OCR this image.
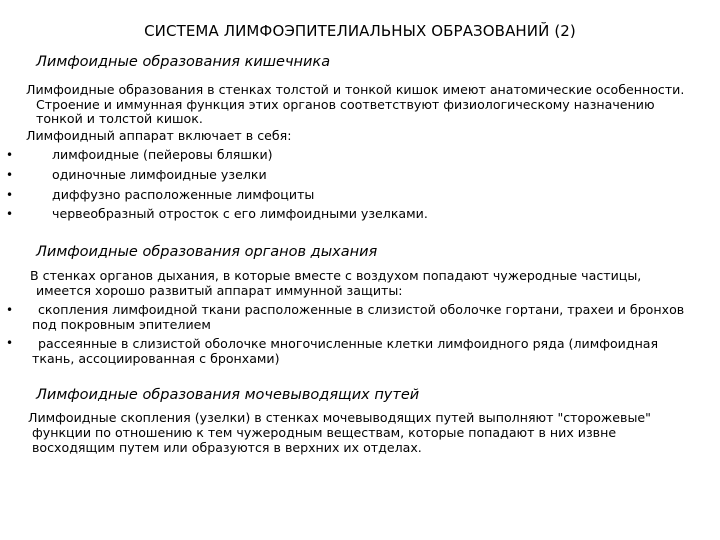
СИСТЕМА ЛИМФОЭПИТЕЛИАЛЬНЫХ ОБРАЗОВАНИЙ (2)
Лимфоидные образования кишечника
Лимфоидные образования в стенках толстой и тонкой кишок имеют анатомические особенности.
Строение и иммунная функция этих органов соответствуют физиологическому назначению
тонкой и толстой кишок.
Лимфоидный аппарат включает в себя:
•	лимфоидные (пейеровы бляшки)
•	одиночные лимфоидные узелки
•	диффузно расположенные лимфоциты
•	червеобразный отросток с его лимфоидными узелками.
Лимфоидные образования органов дыхания
В стенках органов дыхания, в которые вместе с воздухом попадают чужеродные частицы,
имеется хорошо развитый аппарат иммунной защиты:
• скопления лимфоидной ткани расположенные в слизистой оболочке гортани, трахеи и бронхов
под покровным эпителием
• рассеянные в слизистой оболочке многочисленные клетки лимфоидного ряда (лимфоидная
ткань, ассоциированная с бронхами)
Лимфоидные образования мочевыводящих путей
Лимфоидные скопления (узелки) в стенках мочевыводящих путей выполняют "сторожевые"
функции по отношению к тем чужеродным веществам, которые попадают в них извне
восходящим путем или образуются в верхних их отделах.
